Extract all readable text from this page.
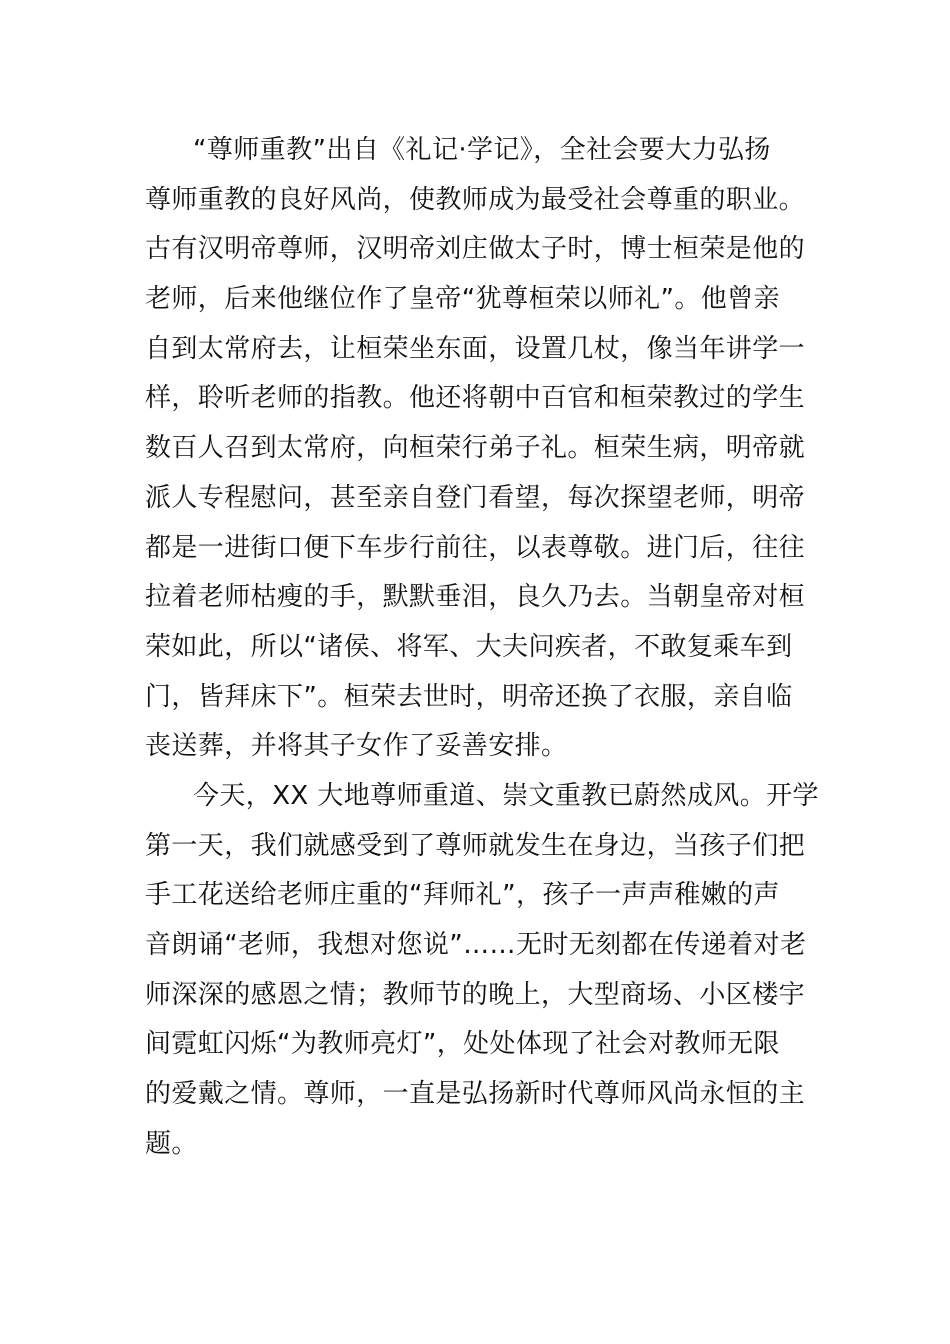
“尊师重教”出自《礼记·学记》，全社会要大力弘扬
尊师重教的良好风尚，使教师成为最受社会尊重的职业。
古有汉明帝尊师，汉明帝刘庄做太子时，博士桓荣是他的
老师，后来他继位作了皇帝“犹尊桓荣以师礼”。他曾亲
自到太常府去，让桓荣坐东面，设置几杖，像当年讲学一
样，聆听老师的指教。他还将朝中百官和桓荣教过的学生
数百人召到太常府，向桓荣行弟子礼。桓荣生病，明帝就
派人专程慰问，甚至亲自登门看望，每次探望老师，明帝
都是一进街口便下车步行前往，以表尊敬。进门后，往往
拉着老师枯瘦的手，默默垂泪，良久乃去。当朝皇帝对桓
荣如此，所以“诸侯、将军、大夫问疾者，不敢复乘车到
门，皆拜床下”。桓荣去世时，明帝还换了衣服，亲自临
丧送葬，并将其子女作了妥善安排。
今天，XX 大地尊师重道、崇文重教已蔚然成风。开学
第一天，我们就感受到了尊师就发生在身边，当孩子们把
手工花送给老师庄重的“拜师礼”，孩子一声声稚嫩的声
音朗诵“老师，我想对您说”……无时无刻都在传递着对老
师深深的感恩之情；教师节的晚上，大型商场、小区楼宇
间霓虹闪烁“为教师亮灯”，处处体现了社会对教师无限
的爱戴之情。尊师，一直是弘扬新时代尊师风尚永恒的主
题。
